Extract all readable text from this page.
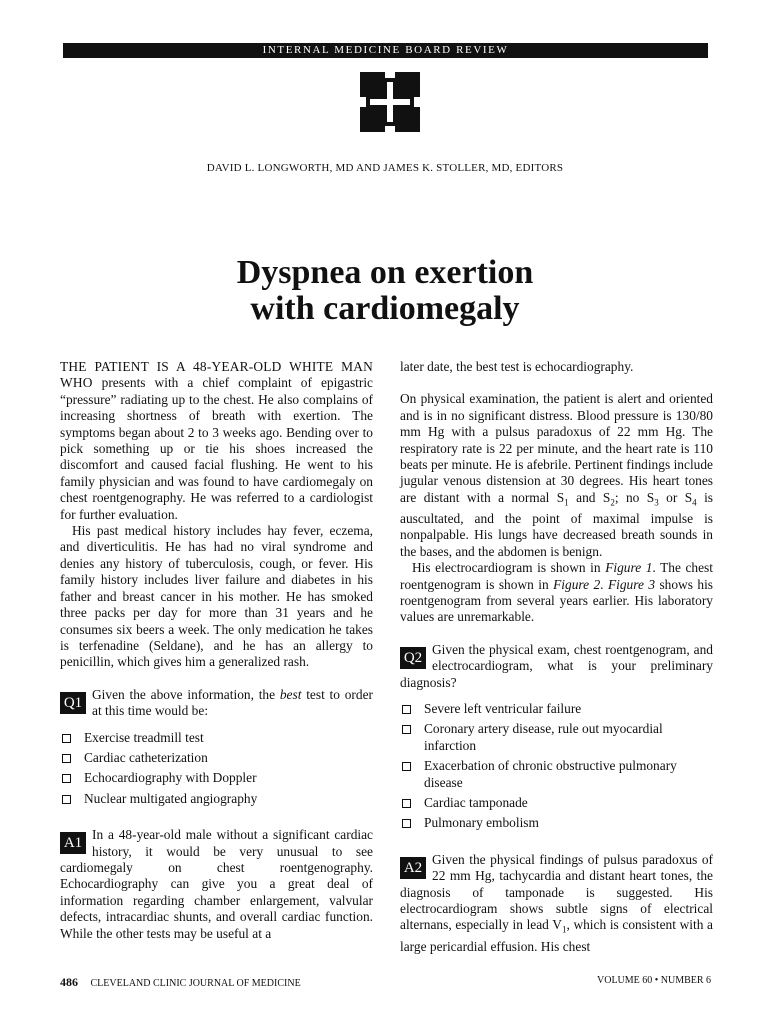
INTERNAL MEDICINE BOARD REVIEW
DAVID L. LONGWORTH, MD AND JAMES K. STOLLER, MD, EDITORS
Dyspnea on exertion
with cardiomegaly

THE PATIENT IS A 48-YEAR-OLD WHITE MAN WHO presents with a chief complaint of epigastric “pressure” radiating up to the chest. He also complains of increasing shortness of breath with exertion. The symptoms began about 2 to 3 weeks ago. Bending over to pick something up or tie his shoes increased the discomfort and caused facial flushing. He went to his family physician and was found to have cardiomegaly on chest roentgenography. He was referred to a cardiologist for further evaluation.

His past medical history includes hay fever, eczema, and diverticulitis. He has had no viral syndrome and denies any history of tuberculosis, cough, or fever. His family history includes liver failure and diabetes in his father and breast cancer in his mother. He has smoked three packs per day for more than 31 years and he consumes six beers a week. The only medication he takes is terfenadine (Seldane), and he has an allergy to penicillin, which gives him a generalized rash.

Q1

Given the above information, the best test to order at this time would be:

Exercise treadmill test
Cardiac catheterization
Echocardiography with Doppler
Nuclear multigated angiography
A1

In a 48-year-old male without a significant cardiac history, it would be very unusual to see cardiomegaly on chest roentgenography. Echocardiography can give you a great deal of information regarding chamber enlargement, valvular defects, intracardiac shunts, and overall cardiac function. While the other tests may be useful at a

later date, the best test is echocardiography.

On physical examination, the patient is alert and oriented and is in no significant distress. Blood pressure is 130/80 mm Hg with a pulsus paradoxus of 22 mm Hg. The respiratory rate is 22 per minute, and the heart rate is 110 beats per minute. He is afebrile. Pertinent findings include jugular venous distension at 30 degrees. His heart tones are distant with a normal $S_1$ and $S_2$; no $S_3$ or $S_4$ is auscultated, and the point of maximal impulse is nonpalpable. His lungs have decreased breath sounds in the bases, and the abdomen is benign.

His electrocardiogram is shown in Figure 1. The chest roentgenogram is shown in Figure 2. Figure 3 shows his roentgenogram from several years earlier. His laboratory values are unremarkable.

Q2

Given the physical exam, chest roentgenogram, and electrocardiogram, what is your preliminary diagnosis?

Severe left ventricular failure
Coronary artery disease, rule out myocardial infarction
Exacerbation of chronic obstructive pulmonary disease
Cardiac tamponade
Pulmonary embolism
A2

Given the physical findings of pulsus paradoxus of 22 mm Hg, tachycardia and distant heart tones, the diagnosis of tamponade is suggested. His electrocardiogram shows subtle signs of electrical alternans, especially in lead $V_1$, which is consistent with a large pericardial effusion. His chest

486 CLEVELAND CLINIC JOURNAL OF MEDICINE	VOLUME 60 • NUMBER 6
